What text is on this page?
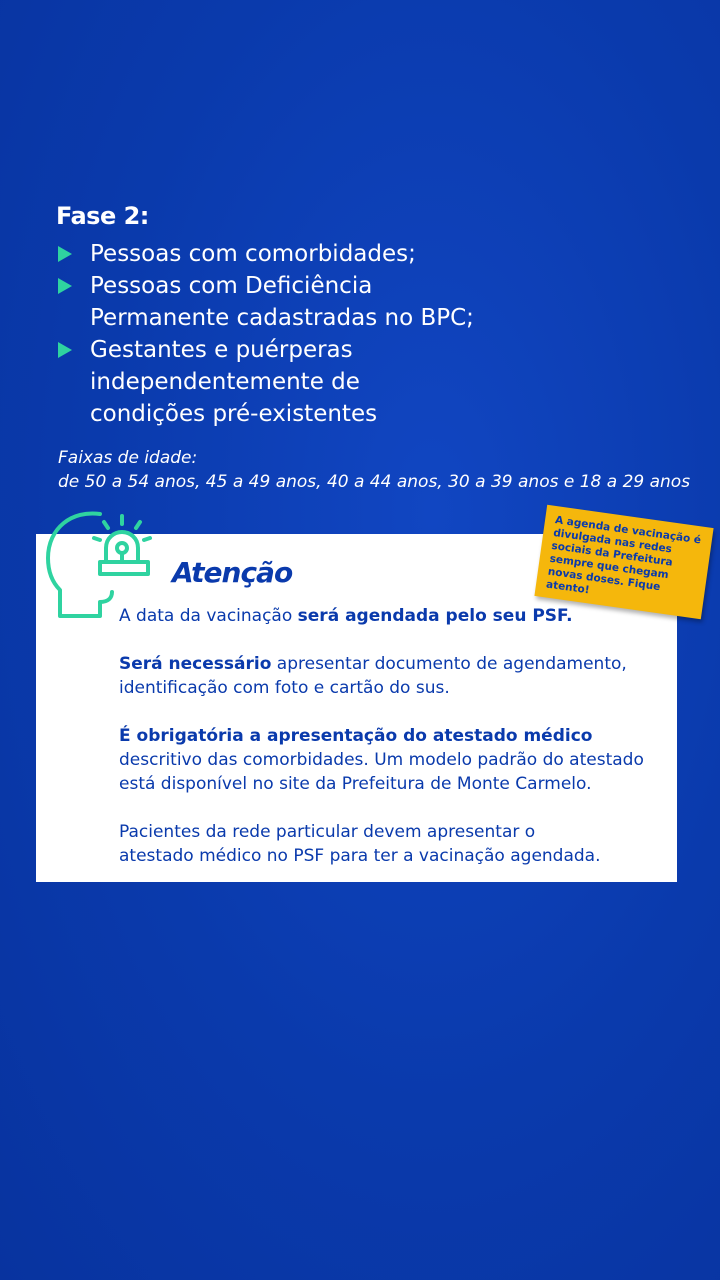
Fase 2:
Pessoas com comorbidades;
Pessoas com Deficiência
Permanente cadastradas no BPC;
Gestantes e puérperas
independentemente de
condições pré-existentes
Faixas de idade:
de 50 a 54 anos, 45 a 49 anos, 40 a 44 anos, 30 a 39 anos e 18 a 29 anos
Atenção
A data da vacinação será agendada pelo seu PSF.
Será necessário apresentar documento de agendamento,
identificação com foto e cartão do sus.
É obrigatória a apresentação do atestado médico
descritivo das comorbidades. Um modelo padrão do atestado
está disponível no site da Prefeitura de Monte Carmelo.
Pacientes da rede particular devem apresentar o
atestado médico no PSF para ter a vacinação agendada.
A agenda de vacinação é divulgada nas redes sociais da Prefeitura sempre que chegam novas doses. Fique atento!
